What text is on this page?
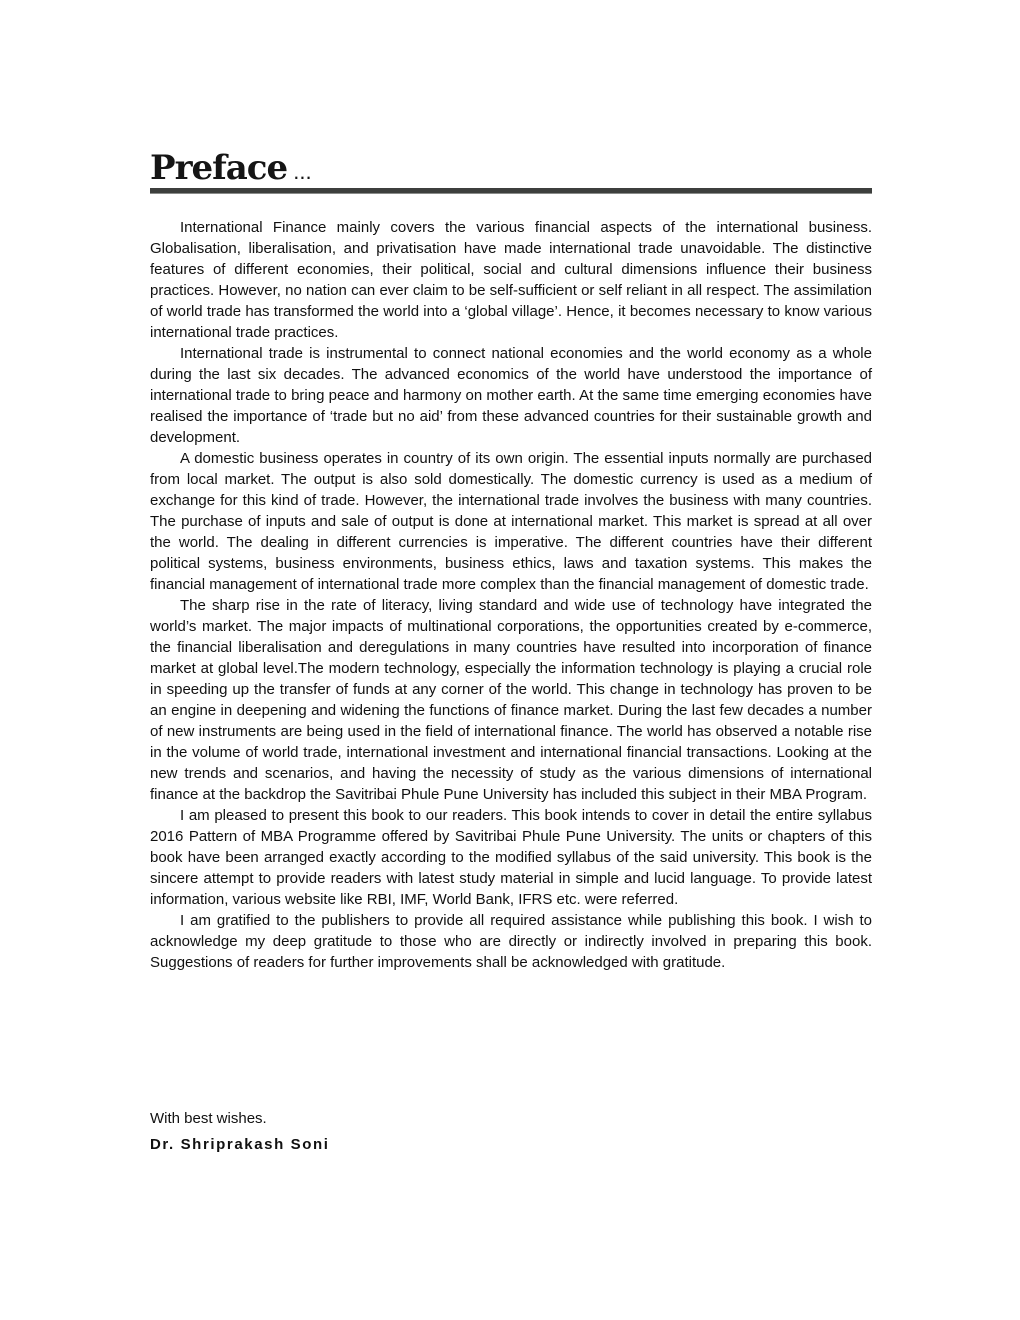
Preface ...

International Finance mainly covers the various financial aspects of the international business. Globalisation, liberalisation, and privatisation have made international trade unavoidable. The distinctive features of different economies, their political, social and cultural dimensions influence their business practices. However, no nation can ever claim to be self-sufficient or self reliant in all respect. The assimilation of world trade has transformed the world into a ‘global village’. Hence, it becomes necessary to know various international trade practices.

International trade is instrumental to connect national economies and the world economy as a whole during the last six decades. The advanced economics of the world have understood the importance of international trade to bring peace and harmony on mother earth. At the same time emerging economies have realised the importance of ‘trade but no aid’ from these advanced countries for their sustainable growth and development.

A domestic business operates in country of its own origin. The essential inputs normally are purchased from local market. The output is also sold domestically. The domestic currency is used as a medium of exchange for this kind of trade. However, the international trade involves the business with many countries. The purchase of inputs and sale of output is done at international market. This market is spread at all over the world. The dealing in different currencies is imperative. The different countries have their different political systems, business environments, business ethics, laws and taxation systems. This makes the financial management of international trade more complex than the financial management of domestic trade.

The sharp rise in the rate of literacy, living standard and wide use of technology have integrated the world’s market. The major impacts of multinational corporations, the opportunities created by e-commerce, the financial liberalisation and deregulations in many countries have resulted into incorporation of finance market at global level.The modern technology, especially the information technology is playing a crucial role in speeding up the transfer of funds at any corner of the world. This change in technology has proven to be an engine in deepening and widening the functions of finance market. During the last few decades a number of new instruments are being used in the field of international finance. The world has observed a notable rise in the volume of world trade, international investment and international financial transactions. Looking at the new trends and scenarios, and having the necessity of study as the various dimensions of international finance at the backdrop the Savitribai Phule Pune University has included this subject in their MBA Program.

I am pleased to present this book to our readers. This book intends to cover in detail the entire syllabus 2016 Pattern of MBA Programme offered by Savitribai Phule Pune University. The units or chapters of this book have been arranged exactly according to the modified syllabus of the said university. This book is the sincere attempt to provide readers with latest study material in simple and lucid language. To provide latest information, various website like RBI, IMF, World Bank, IFRS etc. were referred.

I am gratified to the publishers to provide all required assistance while publishing this book. I wish to acknowledge my deep gratitude to those who are directly or indirectly involved in preparing this book. Suggestions of readers for further improvements shall be acknowledged with gratitude.

With best wishes.

Dr. Shriprakash Soni
